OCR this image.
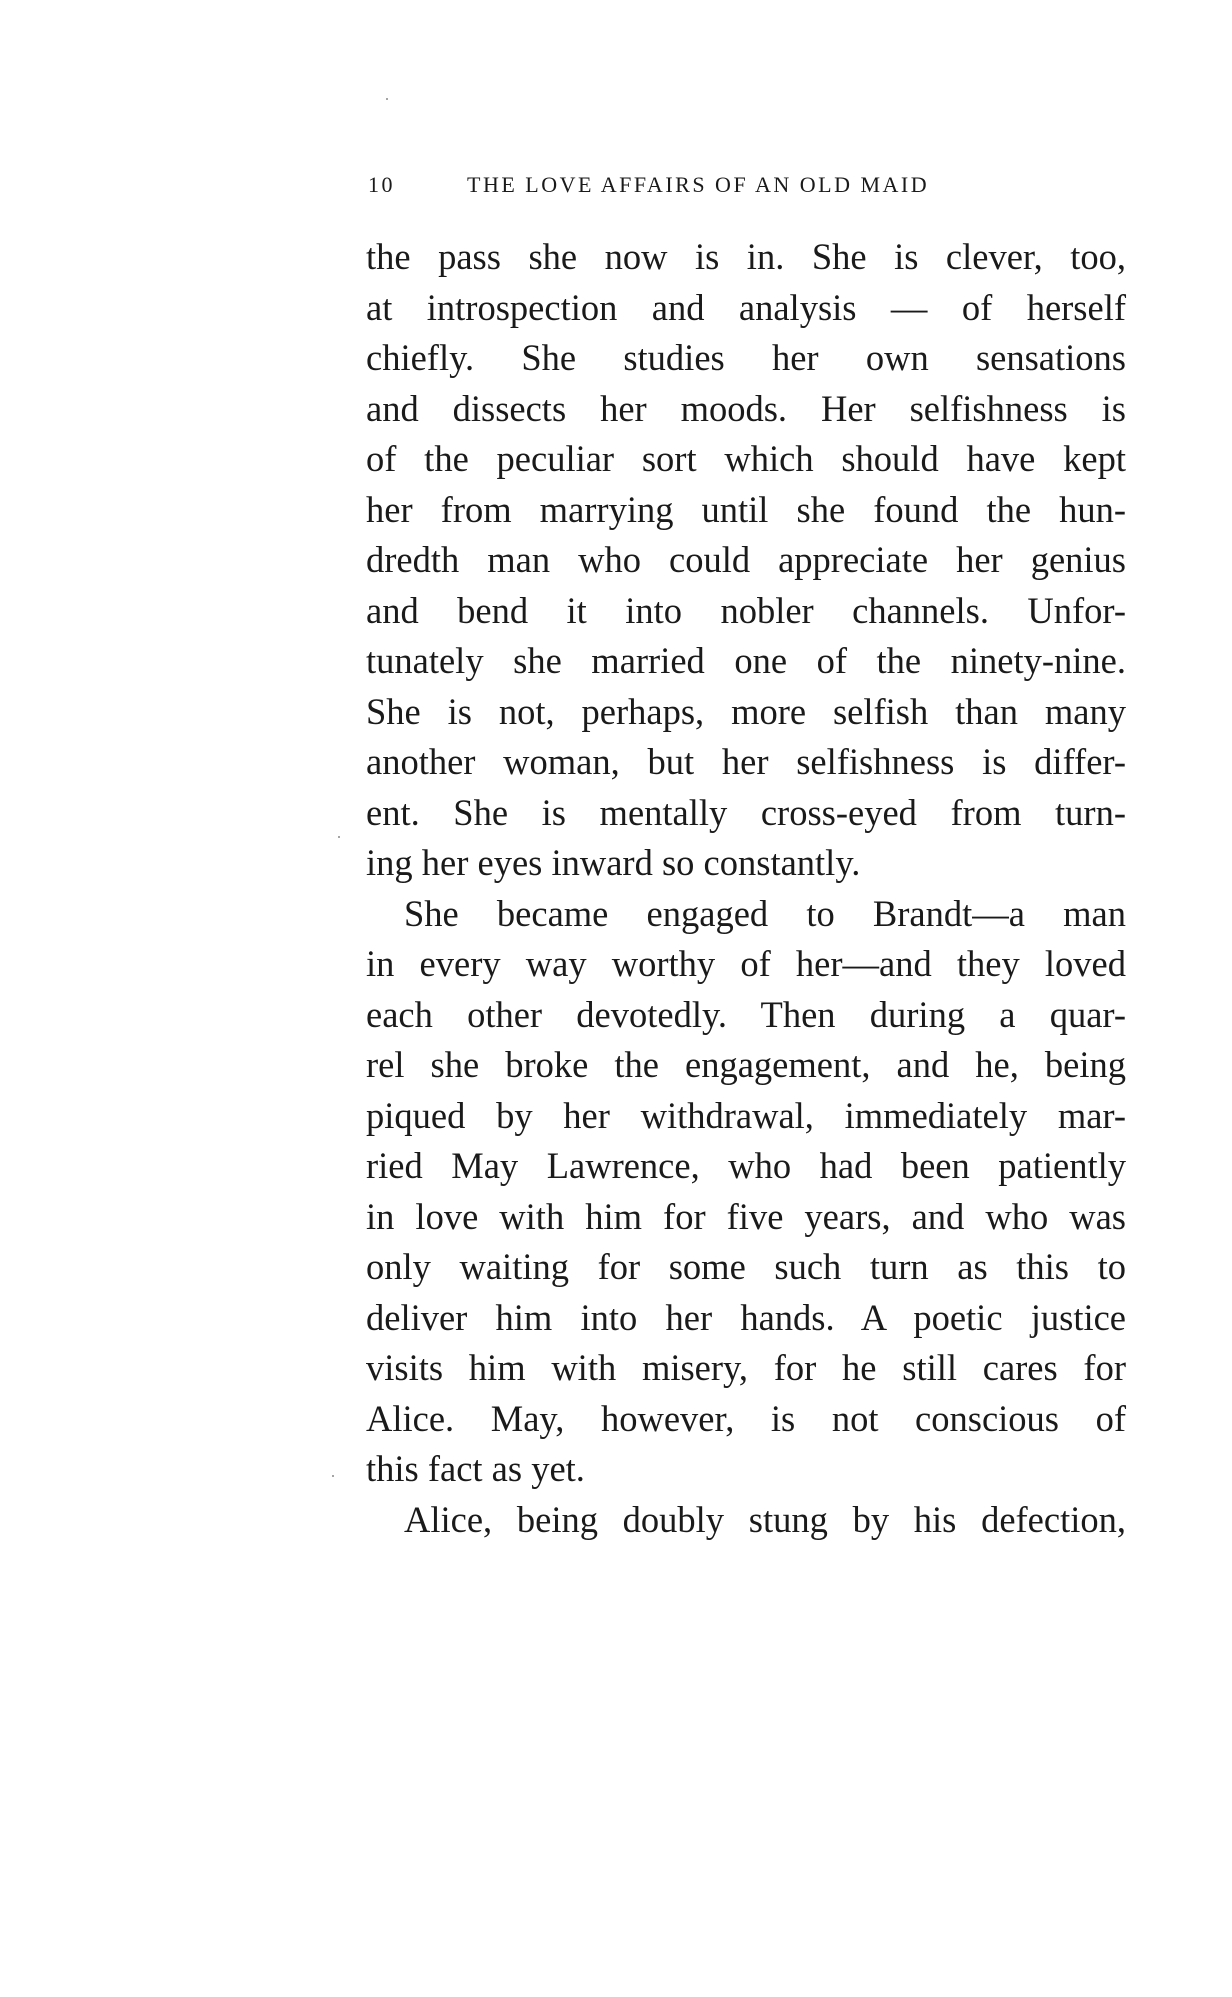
10	THE LOVE AFFAIRS OF AN OLD MAID
the pass she now is in. She is clever, too,
at introspection and analysis — of herself
chiefly. She studies her own sensations
and dissects her moods. Her selfishness is
of the peculiar sort which should have kept
her from marrying until she found the hun-
dredth man who could appreciate her genius
and bend it into nobler channels. Unfor-
tunately she married one of the ninety-nine.
She is not, perhaps, more selfish than many
another woman, but her selfishness is differ-
ent. She is mentally cross-eyed from turn-
ing her eyes inward so constantly.
She became engaged to Brandt—a man
in every way worthy of her—and they loved
each other devotedly. Then during a quar-
rel she broke the engagement, and he, being
piqued by her withdrawal, immediately mar-
ried May Lawrence, who had been patiently
in love with him for five years, and who was
only waiting for some such turn as this to
deliver him into her hands. A poetic justice
visits him with misery, for he still cares for
Alice. May, however, is not conscious of
this fact as yet.
Alice, being doubly stung by his defection,
